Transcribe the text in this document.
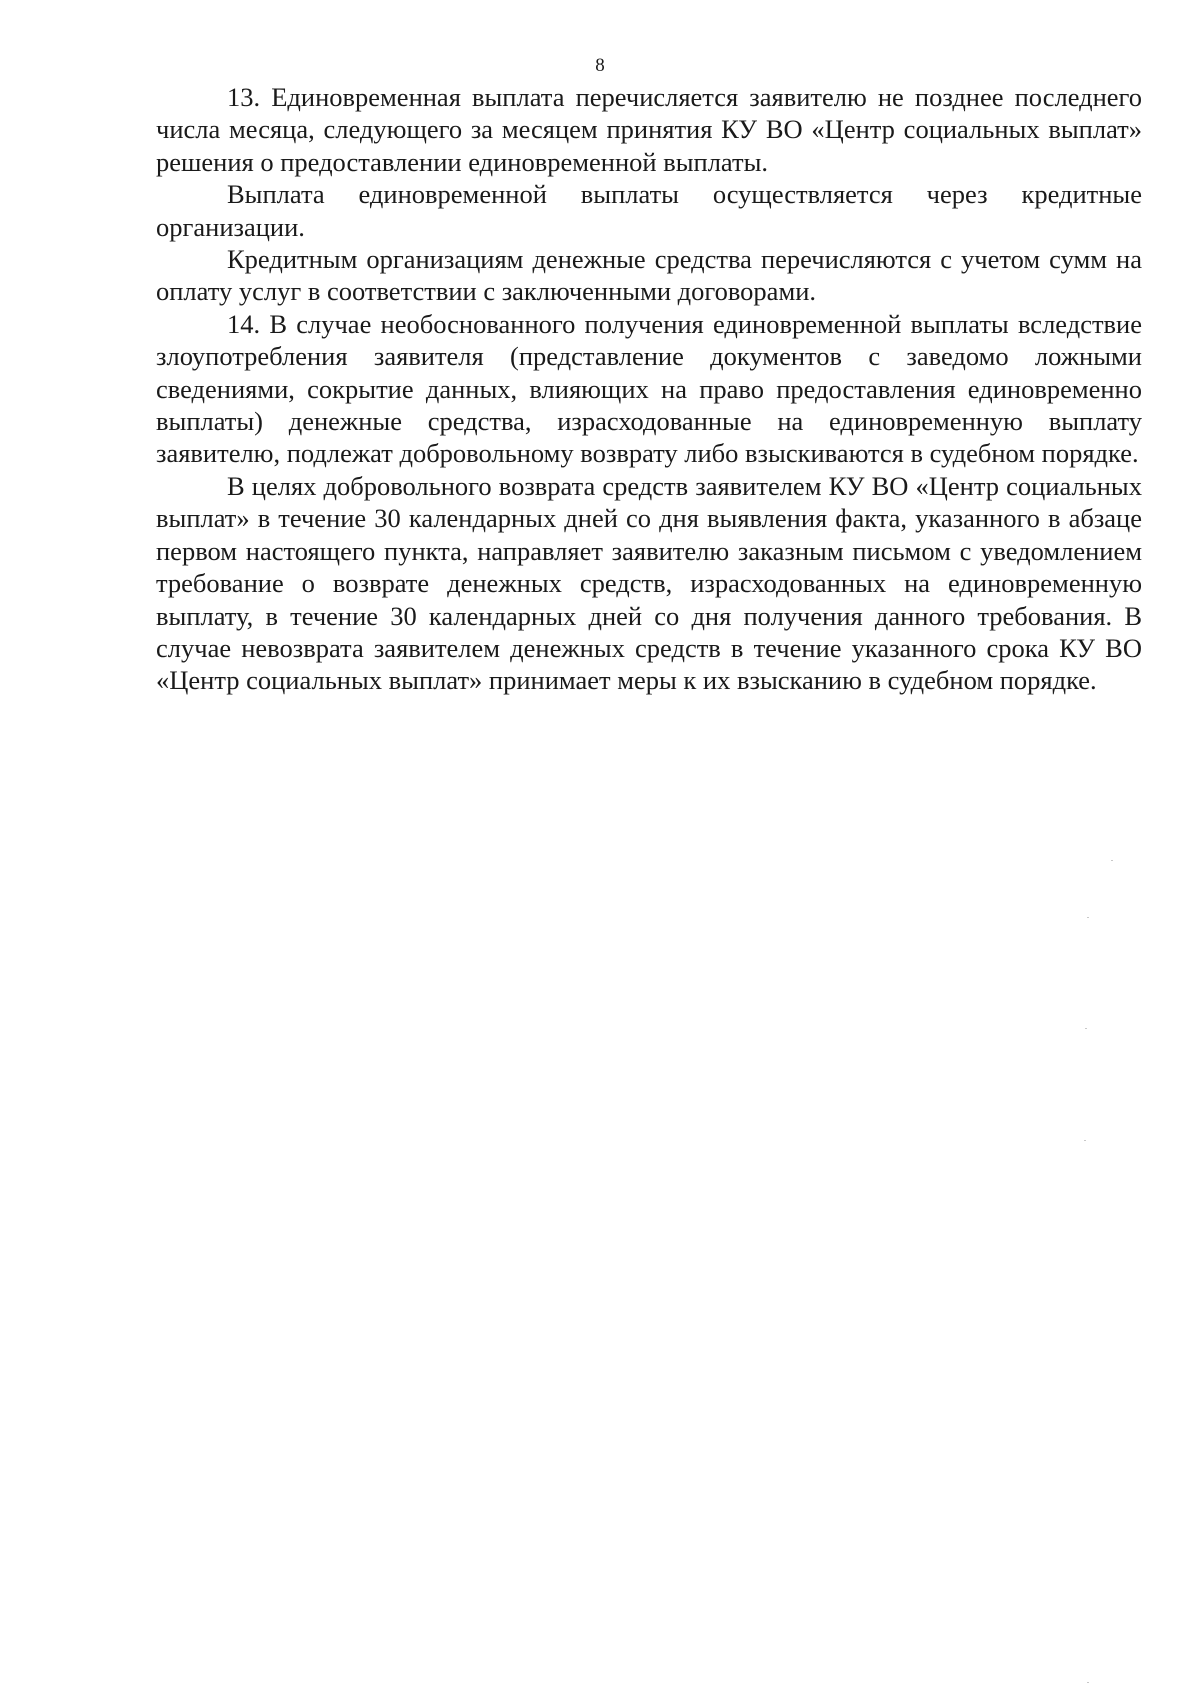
8

13. Единовременная выплата перечисляется заявителю не позднее последнего числа месяца, следующего за месяцем принятия КУ ВО «Центр социальных выплат» решения о предоставлении единовременной выплаты.

Выплата единовременной выплаты осуществляется через кредитные организации.

Кредитным организациям денежные средства перечисляются с учетом сумм на оплату услуг в соответствии с заключенными договорами.

14. В случае необоснованного получения единовременной выплаты вследствие злоупотребления заявителя (представление документов с заведомо ложными сведениями, сокрытие данных, влияющих на право предоставления единовременно выплаты) денежные средства, израсходованные на единовременную выплату заявителю, подлежат добровольному возврату либо взыскиваются в судебном порядке.

В целях добровольного возврата средств заявителем КУ ВО «Центр социальных выплат» в течение 30 календарных дней со дня выявления факта, указанного в абзаце первом настоящего пункта, направляет заявителю заказным письмом с уведомлением требование о возврате денежных средств, израсходованных на единовременную выплату, в течение 30 календарных дней со дня получения данного требования. В случае невозврата заявителем денежных средств в течение указанного срока КУ ВО «Центр социальных выплат» принимает меры к их взысканию в судебном порядке.
